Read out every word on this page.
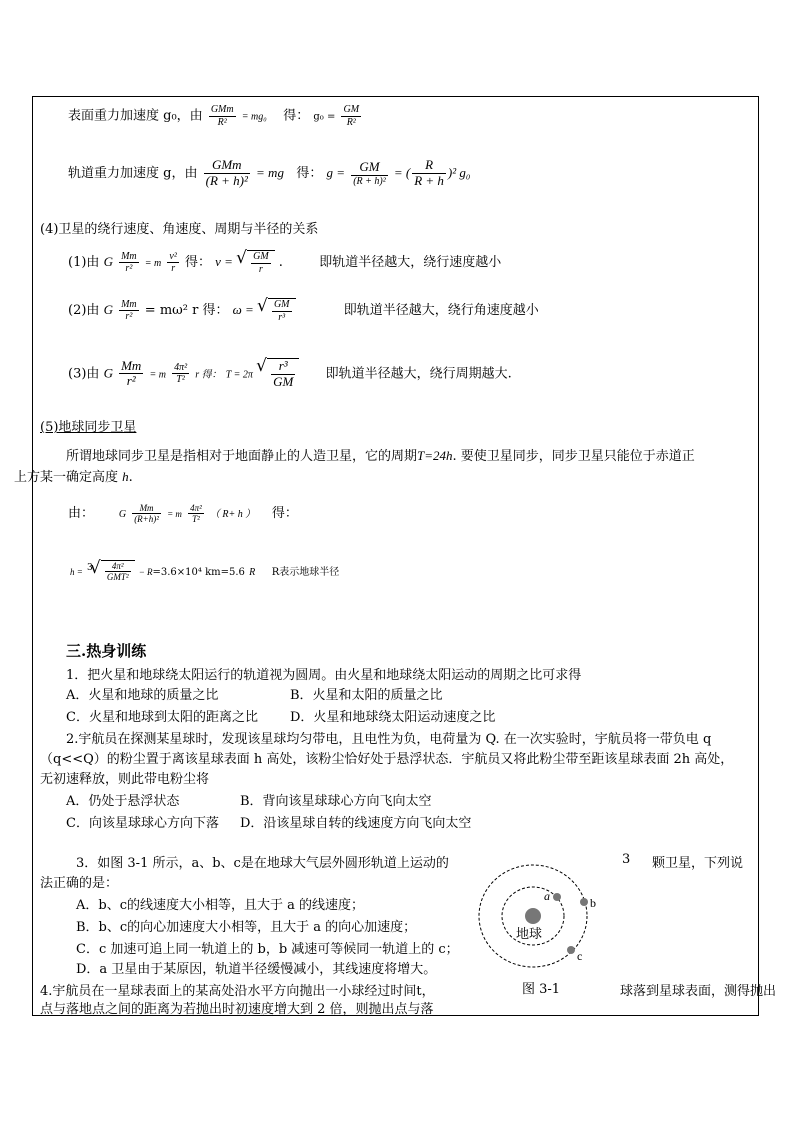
表面重力加速度 g₀，由 $\frac{\text{GMm}}{\text{R²}} = mg_0$ 得： $g_0 = \frac{GM}{\text{R²}}$
轨道重力加速度 g，由 $\frac{\text{GMm}}{\text{(R + h)²}}$ = mg 得： $g = \frac{GM}{\text{(R + h)²}}$ = ( $\frac{R}{R + h} )^2$ g₀
(4)卫星的绕行速度、角速度、周期与半径的关系
(1)由 G $\frac{Mm}{\text{r²}} = m \frac{\text{v²}}{r}$ 得： v = √ $\frac{GM}{r}$ .	即轨道半径越大，绕行速度越小
(2)由 G $\frac{Mm}{\text{r²}} = m\omega^2$ r 得： ω = √ $\frac{GM}{\text{r³}}$	即轨道半径越大，绕行角速度越小
(3)由 G $\frac{Mm}{\text{r²}} = m \frac{\text{4π²}}{\text{T²}}$ r 得： T = 2π √ $\frac{\text{r³}}{GM}$ 即轨道半径越大，绕行周期越大.
(5)地球同步卫星
所谓地球同步卫星是指相对于地面静止的人造卫星，它的周期T=24h. 要使卫星同步，同步卫星只能位于赤道正
上方某一确定高度 h.
由： G $\frac{Mm}{\text{(R+h)²}} = m \frac{\text{4π²}}{\text{T²}}$ （ R+ h ） 得：
h = $^3$ √ $\frac{\text{4π²}}{\text{GMT²}} - R=3.6\times 10^4$ km=5.6 R R表示地球半径
三.热身训练
1．把火星和地球绕太阳运行的轨道视为圆周。由火星和地球绕太阳运动的周期之比可求得
A．火星和地球的质量之比	B．火星和太阳的质量之比
C．火星和地球到太阳的距离之比 D．火星和地球绕太阳运动速度之比
2.宇航员在探测某星球时，发现该星球均匀带电，且电性为负，电荷量为 Q. 在一次实验时，宇航员将一带负电 q
（q<<Q）的粉尘置于离该星球表面 h 高处，该粉尘恰好处于悬浮状态．宇航员又将此粉尘带至距该星球表面 2h 高处，
无初速释放，则此带电粉尘将
A．仍处于悬浮状态	B．背向该星球球心方向飞向太空
C．向该星球球心方向下落 D．沿该星球自转的线速度方向飞向太空
3．如图 3-1 所示，a、b、c是在地球大气层外圆形轨道上运动的	3 颗卫星，下列说
法正确的是：
A．b、c的线速度大小相等，且大于 a 的线速度；
B．b、c的向心加速度大小相等，且大于 a 的向心加速度；
C．c 加速可追上同一轨道上的 b，b 减速可等候同一轨道上的 c；
D．a 卫星由于某原因，轨道半径缓慢减小，其线速度将增大。
4.宇航员在一星球表面上的某高处沿水平方向抛出一小球经过时间t，	球落到星球表面，测得抛出
点与落地点之间的距离为若抛出时初速度增大到 2 倍，则抛出点与落
a	b
c
地球
图 3-1
